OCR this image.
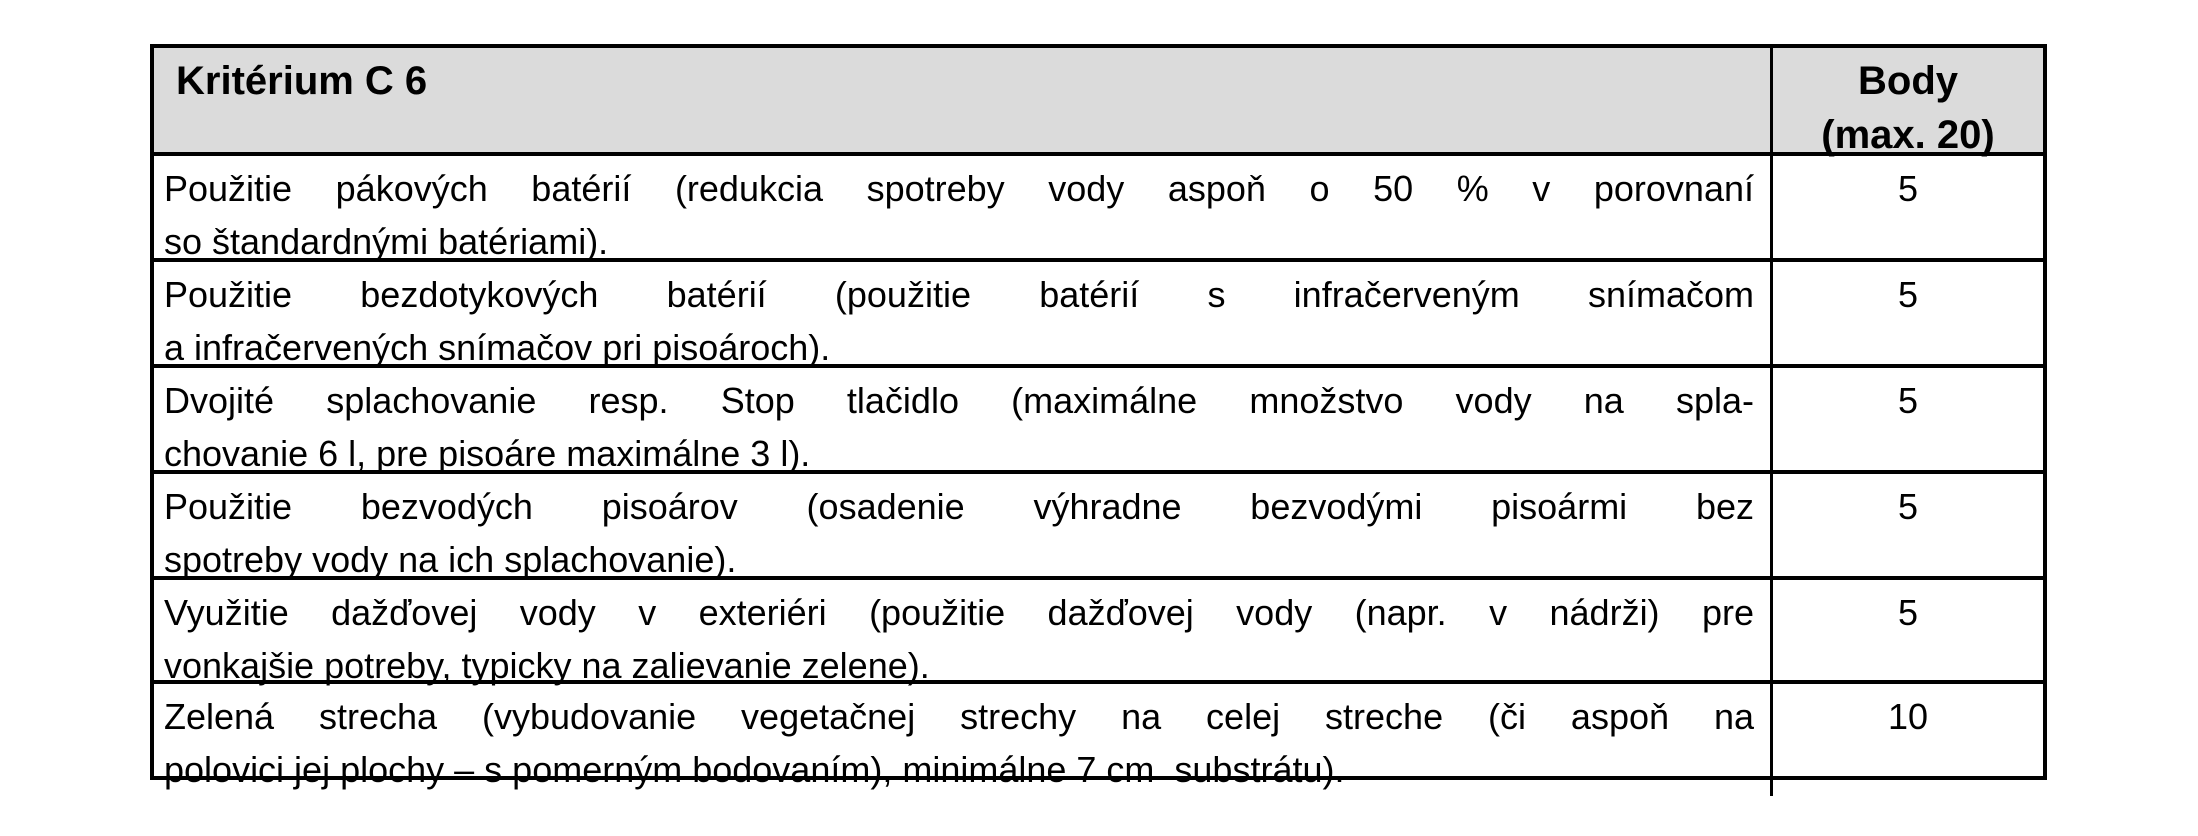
Kritérium C 6	Body
(max. 20)
Použitie pákových batérií (redukcia spotreby vody aspoň o 50 % v porovnaní
so štandardnými batériami).
5
Použitie bezdotykových batérií (použitie batérií s infračerveným snímačom
a infračervených snímačov pri pisoároch).
5
Dvojité splachovanie resp. Stop tlačidlo (maximálne množstvo vody na spla-
chovanie 6 l, pre pisoáre maximálne 3 l).
5
Použitie bezvodých pisoárov (osadenie výhradne bezvodými pisoármi bez
spotreby vody na ich splachovanie).
5
Využitie dažďovej vody v exteriéri (použitie dažďovej vody (napr. v nádrži) pre
vonkajšie potreby, typicky na zalievanie zelene).
5
Zelená strecha (vybudovanie vegetačnej strechy na celej streche (či aspoň na
polovici jej plochy – s pomerným bodovaním), minimálne 7 cm  substrátu).
10
